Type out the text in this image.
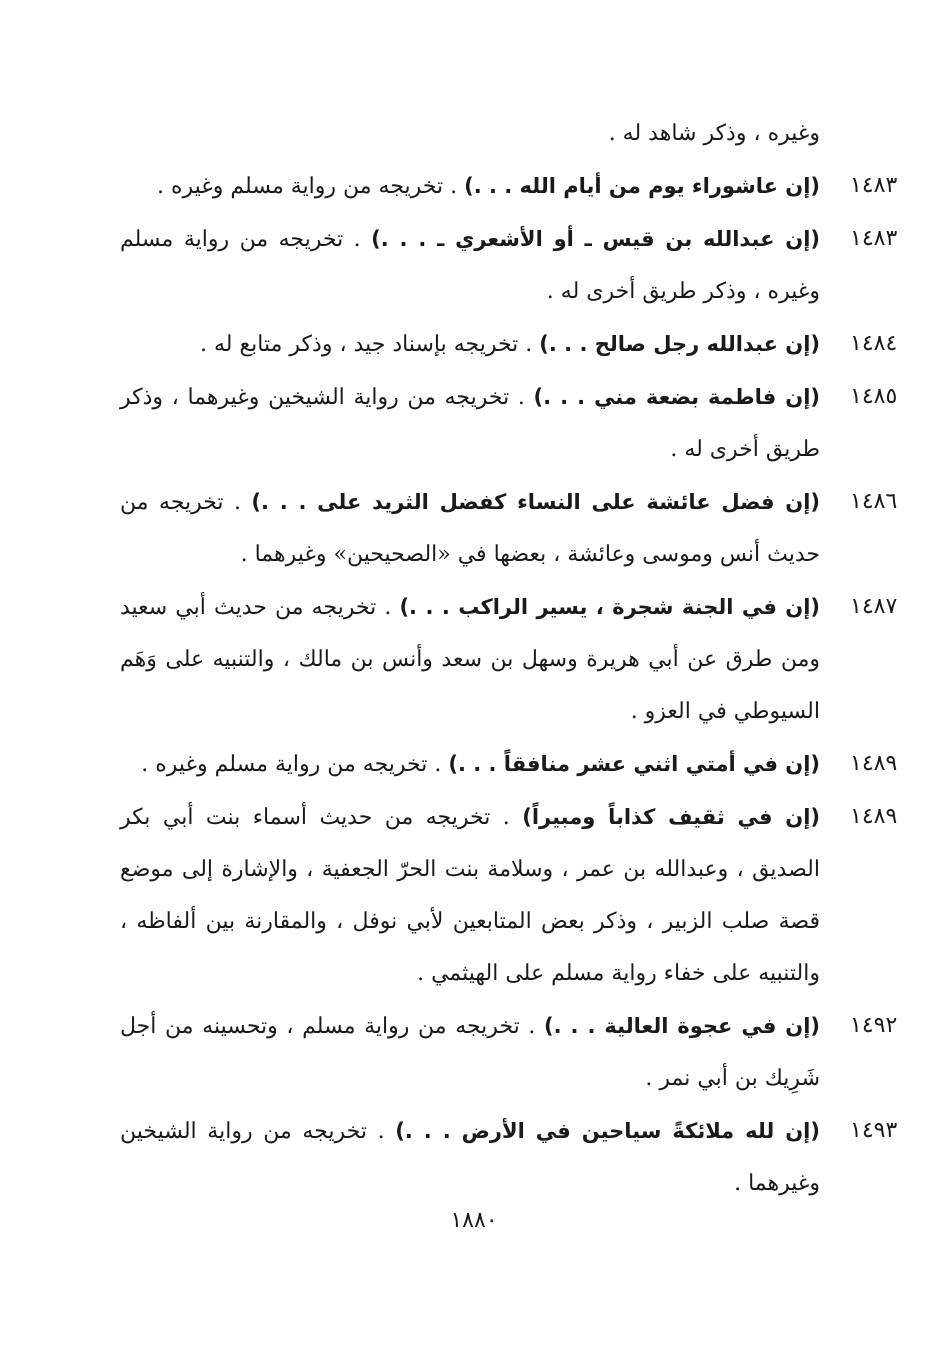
وغيره ، وذكر شاهد له .

١٤٨٣
(إن عاشوراء يوم من أيام الله . . .) . تخريجه من رواية مسلم وغيره .

١٤٨٣
(إن عبدالله بن قيس ـ أو الأشعري ـ . . .) . تخريجه من رواية مسلم وغيره ، وذكر طريق أخرى له .

١٤٨٤
(إن عبدالله رجل صالح . . .) . تخريجه بإسناد جيد ، وذكر متابع له .

١٤٨٥
(إن فاطمة بضعة مني . . .) . تخريجه من رواية الشيخين وغيرهما ، وذكر طريق أخرى له .

١٤٨٦
(إن فضل عائشة على النساء كفضل الثريد على . . .) . تخريجه من حديث أنس وموسى وعائشة ، بعضها في «الصحيحين» وغيرهما .

١٤٨٧
(إن في الجنة شجرة ، يسير الراكب . . .) . تخريجه من حديث أبي سعيد ومن طرق عن أبي هريرة وسهل بن سعد وأنس بن مالك ، والتنبيه على وَهَم السيوطي في العزو .

١٤٨٩
(إن في أمتي اثني عشر منافقاً . . .) . تخريجه من رواية مسلم وغيره .

١٤٨٩
(إن في ثقيف كذاباً ومبيراً) . تخريجه من حديث أسماء بنت أبي بكر الصديق ، وعبدالله بن عمر ، وسلامة بنت الحرّ الجعفية ، والإشارة إلى موضع قصة صلب الزبير ، وذكر بعض المتابعين لأبي نوفل ، والمقارنة بين ألفاظه ، والتنبيه على خفاء رواية مسلم على الهيثمي .

١٤٩٢
(إن في عجوة العالية . . .) . تخريجه من رواية مسلم ، وتحسينه من أجل شَرِيك بن أبي نمر .

١٤٩٣
(إن لله ملائكةً سياحين في الأرض . . .) . تخريجه من رواية الشيخين وغيرهما .

١٨٨٠
